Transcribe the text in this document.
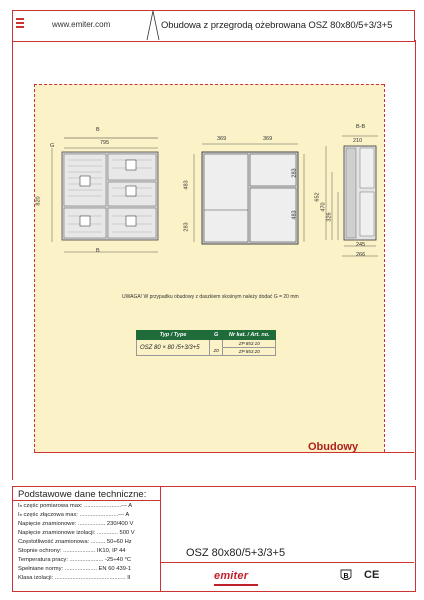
www.emiter.com	Obudowa z przegrodą ożebrowana OSZ 80x80/5+3/3+5
B
795
G
820
B
369	369
483
283
283
483
B-B
210
652
470
326
245
266
UWAGA! W przypadku obudowy z daszkiem skośnym należy dodać G = 20 mm
Typ / Type	G	Nr kat. / Art. no.
OSZ 80 × 80 /5+3/3+5		ZP 853 10
	20	ZP 853 20
Obudowy
Podstawowe dane techniczne:
Iₙ częśc pomiarowa max: .......................--- A
Iₙ częśc złączowa max: ........................--- A
Napięcie znamionowe: ................. 230/400 V
Napięcie znamionowe izolacji: ............. 500 V
Częstotliwość znamionowa: ......... 50÷60 Hz
Stopnie ochrony: .................... IK10, IP 44
Temperatura pracy: ..................... -25÷40 °C
Spełniane normy: .................... EN 60 439-1
Klasa izolacji: ............................................ II
OSZ 80x80/5+3/3+5
emiter	B CE
